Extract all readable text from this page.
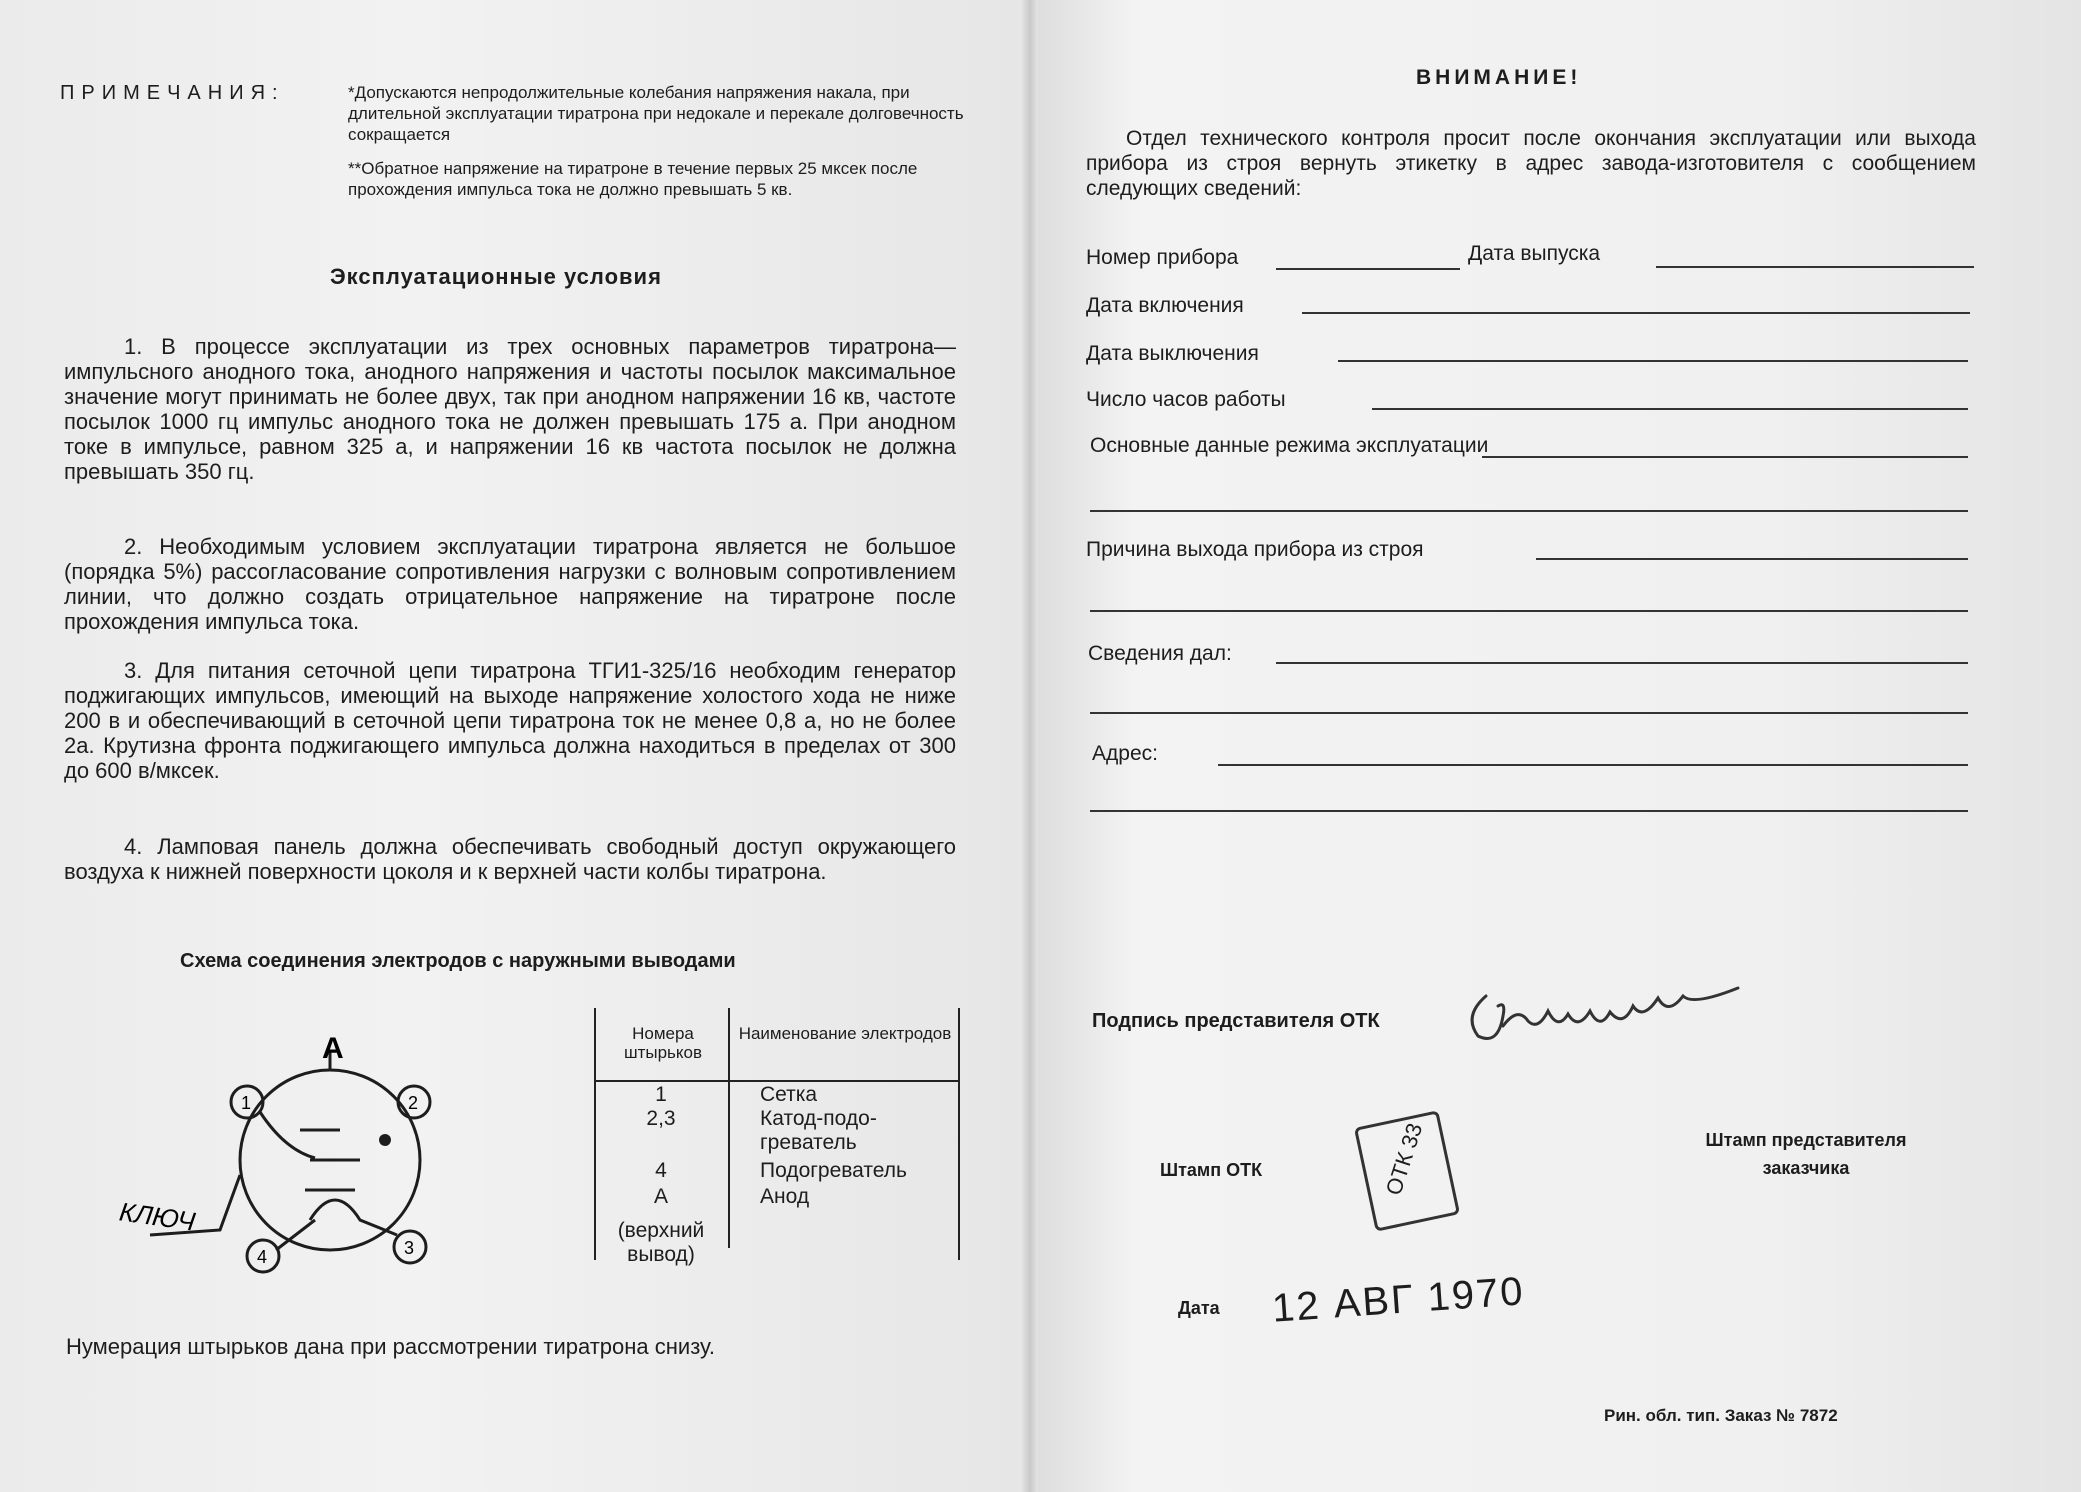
ПРИМЕЧАНИЯ:	*Допускаются непродолжительные колебания напряжения накала, при длительной эксплуатации тиратрона при недокале и перекале долговечность сокращается
**Обратное напряжение на тиратроне в течение первых 25 мксек после прохождения импульса тока не должно превышать 5 кв.
Эксплуатационные условия

1. В процессе эксплуатации из трех основных параметров тиратрона—импульсного анодного тока, анодного напряжения и частоты посылок максимальное значение могут принимать не более двух, так при анодном напряжении 16 кв, частоте посылок 1000 гц импульс анодного тока не должен превышать 175 а. При анодном токе в импульсе, равном 325 а, и напряжении 16 кв частота посылок не должна превышать 350 гц.

2. Необходимым условием эксплуатации тиратрона является не большое (порядка 5%) рассогласование сопротивления нагрузки с волновым сопротивлением линии, что должно создать отрицательное напряжение на тиратроне после прохождения импульса тока.

3. Для питания сеточной цепи тиратрона ТГИ1-325/16 необходим генератор поджигающих импульсов, имеющий на выходе напряжение холостого хода не ниже 200 в и обеспечивающий в сеточной цепи тиратрона ток не менее 0,8 а, но не более 2а. Крутизна фронта поджигающего импульса должна находиться в пределах от 300 до 600 в/мксек.

4. Ламповая панель должна обеспечивать свободный доступ окружающего воздуха к нижней поверхности цоколя и к верхней части колбы тиратрона.

Схема соединения электродов с наружными выводами
A
1	2
3
4
КЛЮЧ
Номера штырьков
Наименование электродов
1	Сетка
2,3	Катод-подо-
греватель
4	Подогреватель
А	Анод
(верхний
вывод)
Нумерация штырьков дана при рассмотрении тиратрона снизу.
ВНИМАНИЕ!
Отдел технического контроля просит после окончания эксплуатации или выхода прибора из строя вернуть этикетку в адрес завода-изготовителя с сообщением следующих сведений:
Номер прибора	Дата выпуска
Дата включения
Дата выключения
Число часов работы
Основные данные режима эксплуатации
Причина выхода прибора из строя
Сведения дал:
Адрес:
Подпись представителя ОТК
Штамп ОТК	ОТК 33	Штамп представителя заказчика
Дата 12 АВГ 1970
Рин. обл. тип. Заказ № 7872
